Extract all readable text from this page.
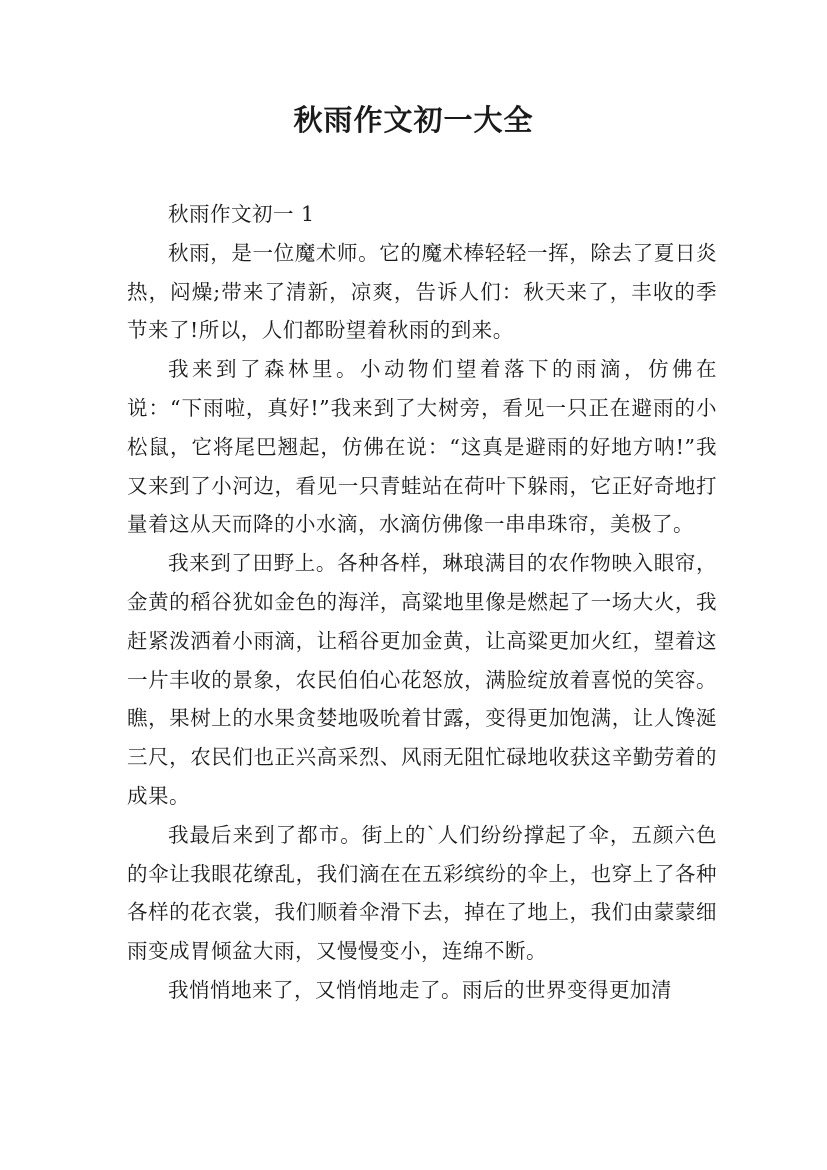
秋雨作文初一大全

秋雨作文初一 1

秋雨，是一位魔术师。它的魔术棒轻轻一挥，除去了夏日炎热，闷燥;带来了清新，凉爽，告诉人们：秋天来了，丰收的季节来了!所以，人们都盼望着秋雨的到来。

我来到了森林里。小动物们望着落下的雨滴，仿佛在说：“下雨啦，真好!”我来到了大树旁，看见一只正在避雨的小松鼠，它将尾巴翘起，仿佛在说：“这真是避雨的好地方呐!”我又来到了小河边，看见一只青蛙站在荷叶下躲雨，它正好奇地打量着这从天而降的小水滴，水滴仿佛像一串串珠帘，美极了。

我来到了田野上。各种各样，琳琅满目的农作物映入眼帘，金黄的稻谷犹如金色的海洋，高粱地里像是燃起了一场大火，我赶紧泼洒着小雨滴，让稻谷更加金黄，让高粱更加火红，望着这一片丰收的景象，农民伯伯心花怒放，满脸绽放着喜悦的笑容。瞧，果树上的水果贪婪地吸吮着甘露，变得更加饱满，让人馋涎三尺，农民们也正兴高采烈、风雨无阻忙碌地收获这辛勤劳着的成果。

我最后来到了都市。街上的`人们纷纷撑起了伞，五颜六色的伞让我眼花缭乱，我们滴在在五彩缤纷的伞上，也穿上了各种各样的花衣裳，我们顺着伞滑下去，掉在了地上，我们由蒙蒙细雨变成胃倾盆大雨，又慢慢变小，连绵不断。

我悄悄地来了，又悄悄地走了。雨后的世界变得更加清
